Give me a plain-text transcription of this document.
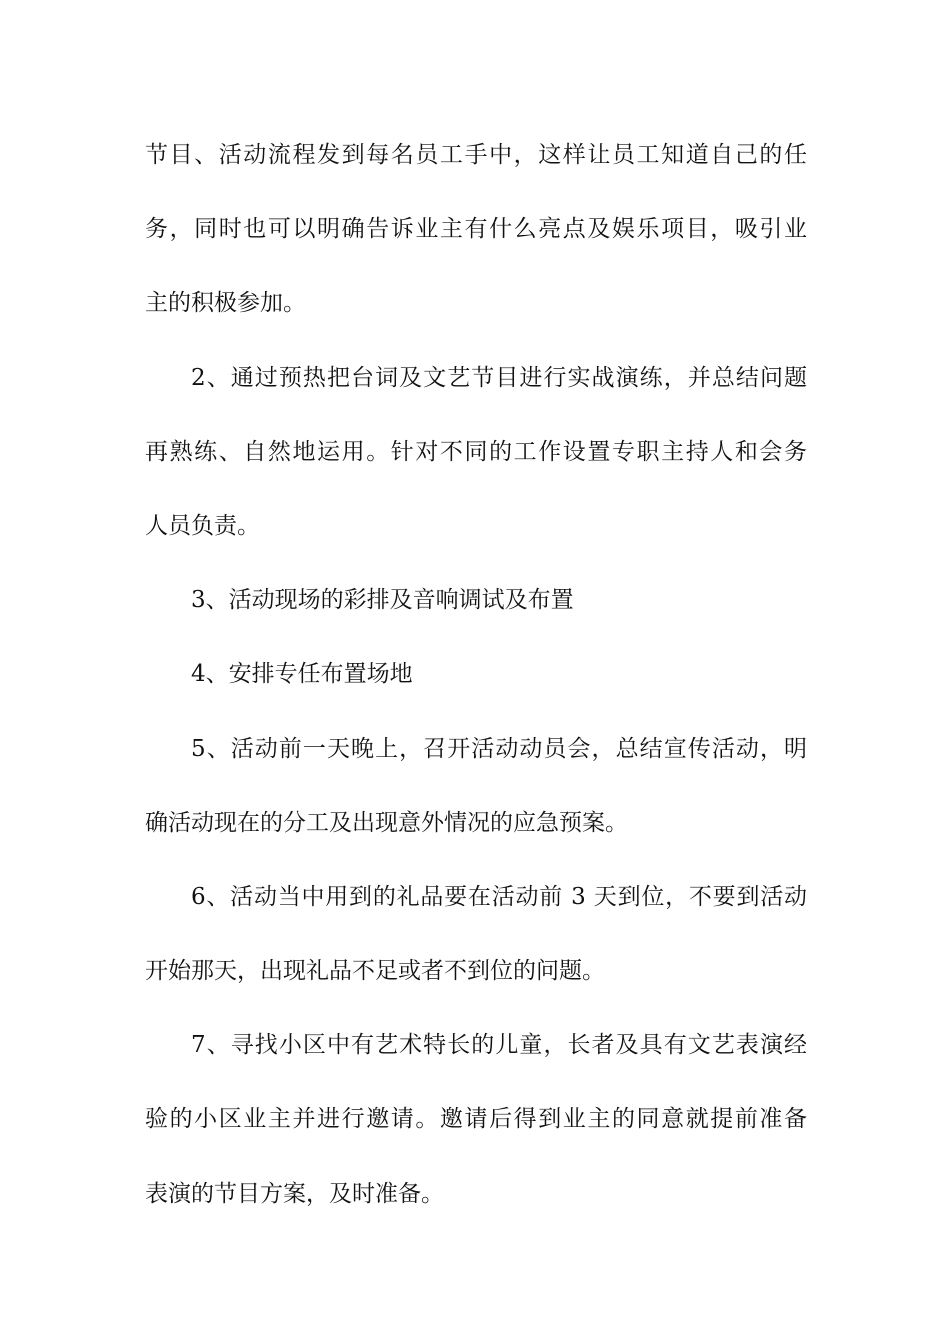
节目、活动流程发到每名员工手中，这样让员工知道自己的任
务，同时也可以明确告诉业主有什么亮点及娱乐项目，吸引业
主的积极参加。
2、通过预热把台词及文艺节目进行实战演练，并总结问题
再熟练、自然地运用。针对不同的工作设置专职主持人和会务
人员负责。
3、活动现场的彩排及音响调试及布置
4、安排专任布置场地
5、活动前一天晚上，召开活动动员会，总结宣传活动，明
确活动现在的分工及出现意外情况的应急预案。
6、活动当中用到的礼品要在活动前 3 天到位，不要到活动
开始那天，出现礼品不足或者不到位的问题。
7、寻找小区中有艺术特长的儿童，长者及具有文艺表演经
验的小区业主并进行邀请。邀请后得到业主的同意就提前准备
表演的节目方案，及时准备。
